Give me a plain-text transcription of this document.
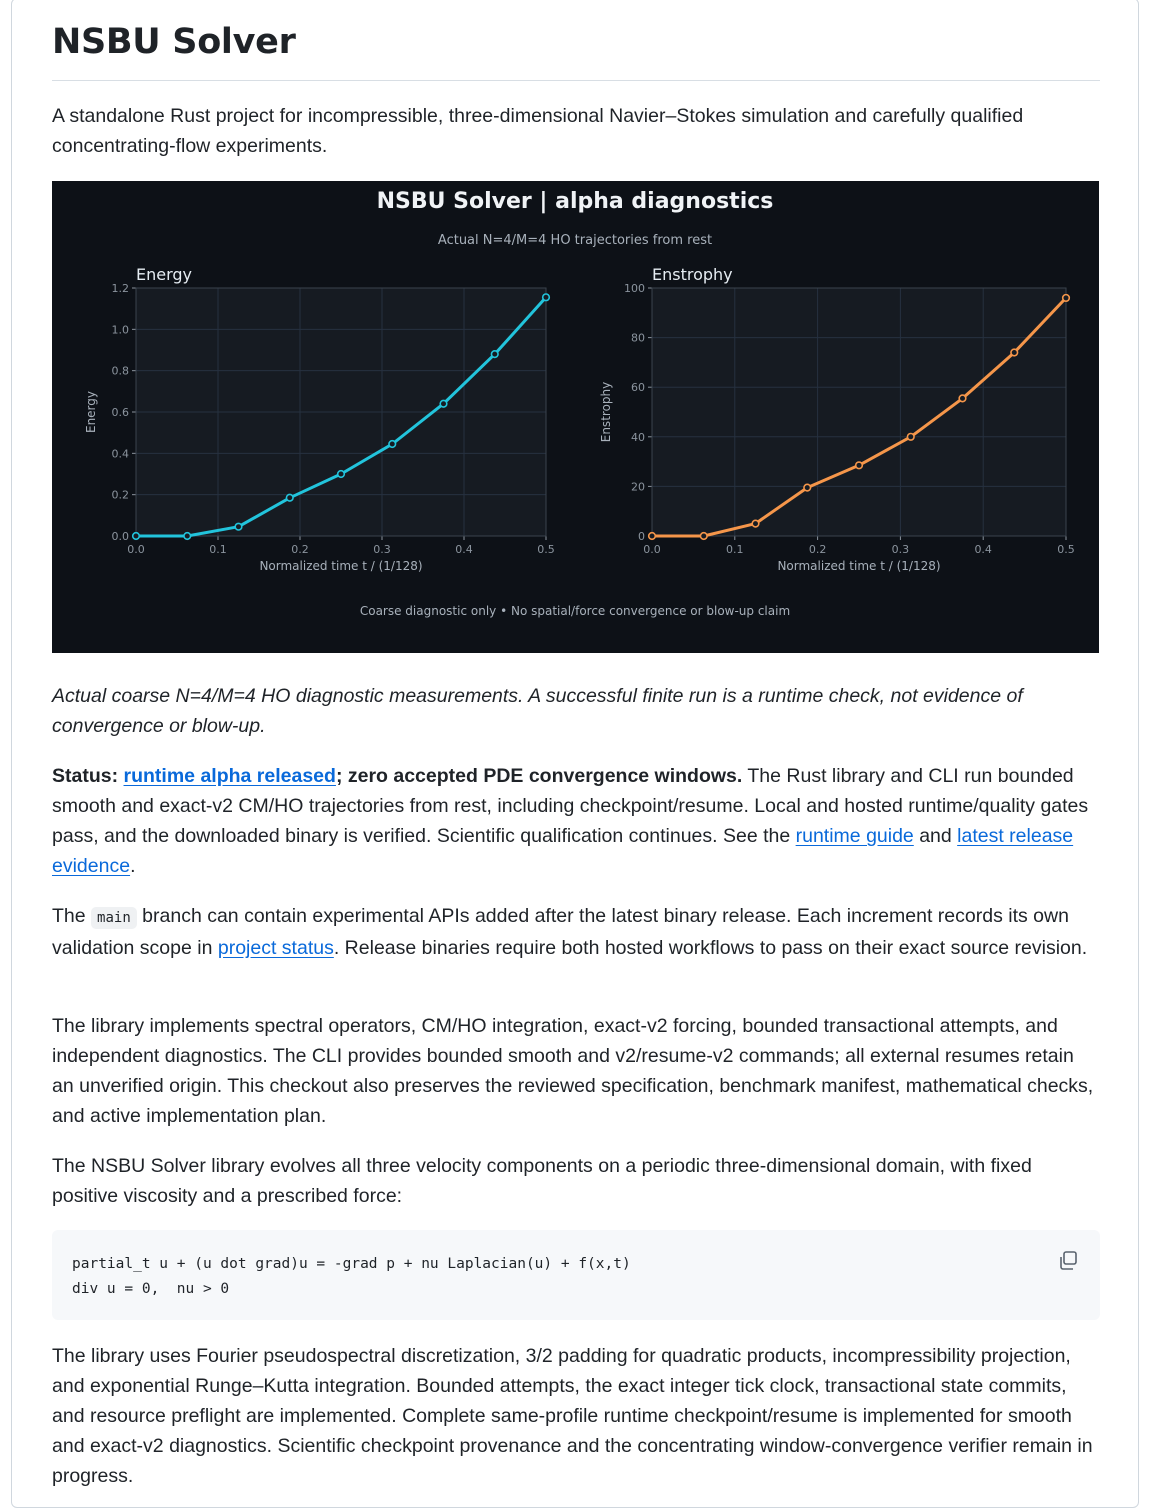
NSBU Solver

A standalone Rust project for incompressible, three-dimensional Navier–Stokes simulation and carefully qualified concentrating-flow experiments.

NSBU Solver | alpha diagnostics
Actual N=4/M=4 HO trajectories from rest
Coarse diagnostic only • No spatial/force convergence or blow-up claim
0.0
0.2
0.4
0.6
0.8
1.0
1.2
0.0	0.1	0.2	0.3	0.4	0.5
Energy
Normalized time t / (1/128)
Energy
0
20
40
60
80
100
0.0	0.1	0.2	0.3	0.4	0.5
Enstrophy
Normalized time t / (1/128)
Enstrophy

Actual coarse N=4/M=4 HO diagnostic measurements. A successful finite run is a runtime check, not evidence of convergence or blow-up.

Status: runtime alpha released; zero accepted PDE convergence windows. The Rust library and CLI run bounded smooth and exact-v2 CM/HO trajectories from rest, including checkpoint/resume. Local and hosted runtime/quality gates pass, and the downloaded binary is verified. Scientific qualification continues. See the runtime guide and latest release evidence.

The main branch can contain experimental APIs added after the latest binary release. Each increment records its own validation scope in project status. Release binaries require both hosted workflows to pass on their exact source revision.

The library implements spectral operators, CM/HO integration, exact-v2 forcing, bounded transactional attempts, and independent diagnostics. The CLI provides bounded smooth and v2/resume-v2 commands; all external resumes retain an unverified origin. This checkout also preserves the reviewed specification, benchmark manifest, mathematical checks, and active implementation plan.

The NSBU Solver library evolves all three velocity components on a periodic three-dimensional domain, with fixed positive viscosity and a prescribed force:

partial_t u + (u dot grad)u = -grad p + nu Laplacian(u) + f(x,t)
div u = 0,  nu > 0

The library uses Fourier pseudospectral discretization, 3/2 padding for quadratic products, incompressibility projection, and exponential Runge–Kutta integration. Bounded attempts, the exact integer tick clock, transactional state commits, and resource preflight are implemented. Complete same-profile runtime checkpoint/resume is implemented for smooth and exact-v2 diagnostics. Scientific checkpoint provenance and the concentrating window-convergence verifier remain in progress.
